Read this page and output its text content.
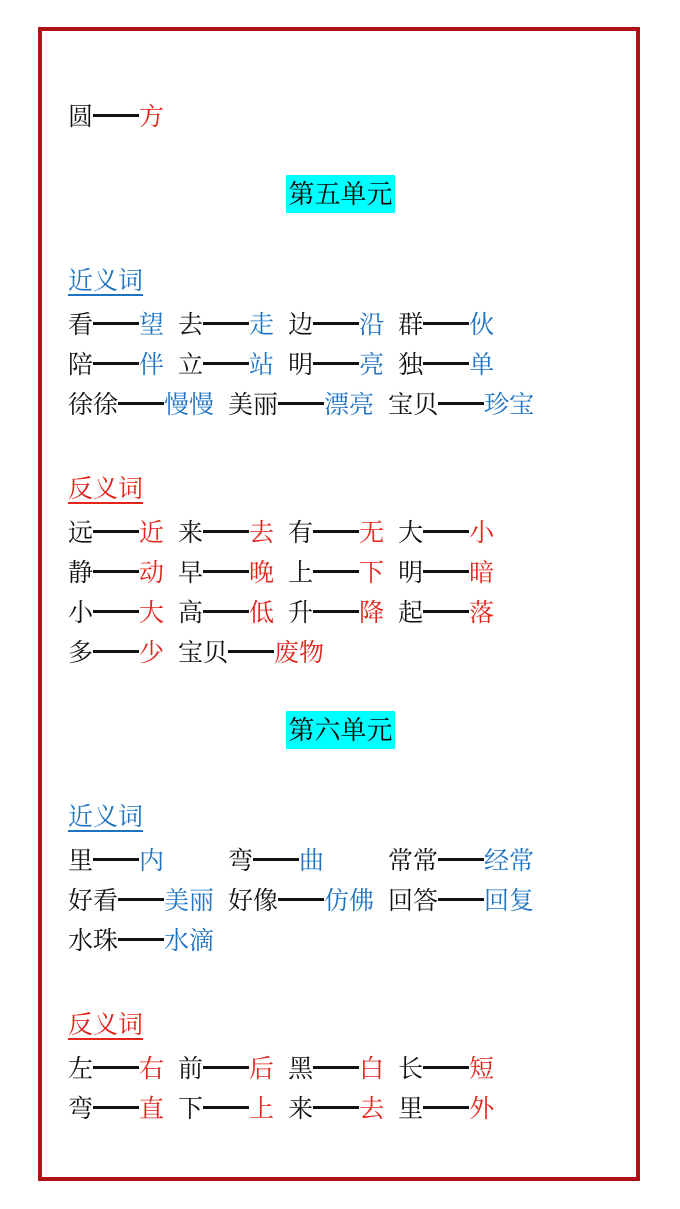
圆 方
第五单元
近义词
看 望 去 走 边 沿 群 伙
陪 伴 立 站 明 亮 独 单
徐徐 慢慢 美丽 漂亮 宝贝 珍宝
反义词
远 近 来 去 有 无 大 小
静 动 早 晚 上 下 明 暗
小 大 高 低 升 降 起 落
多 少 宝贝 废物
第六单元
近义词
里 内	弯 曲	常常 经常
好看 美丽 好像 仿佛 回答 回复
水珠 水滴
反义词
左 右 前 后 黑 白 长 短
弯 直 下 上 来 去 里 外
